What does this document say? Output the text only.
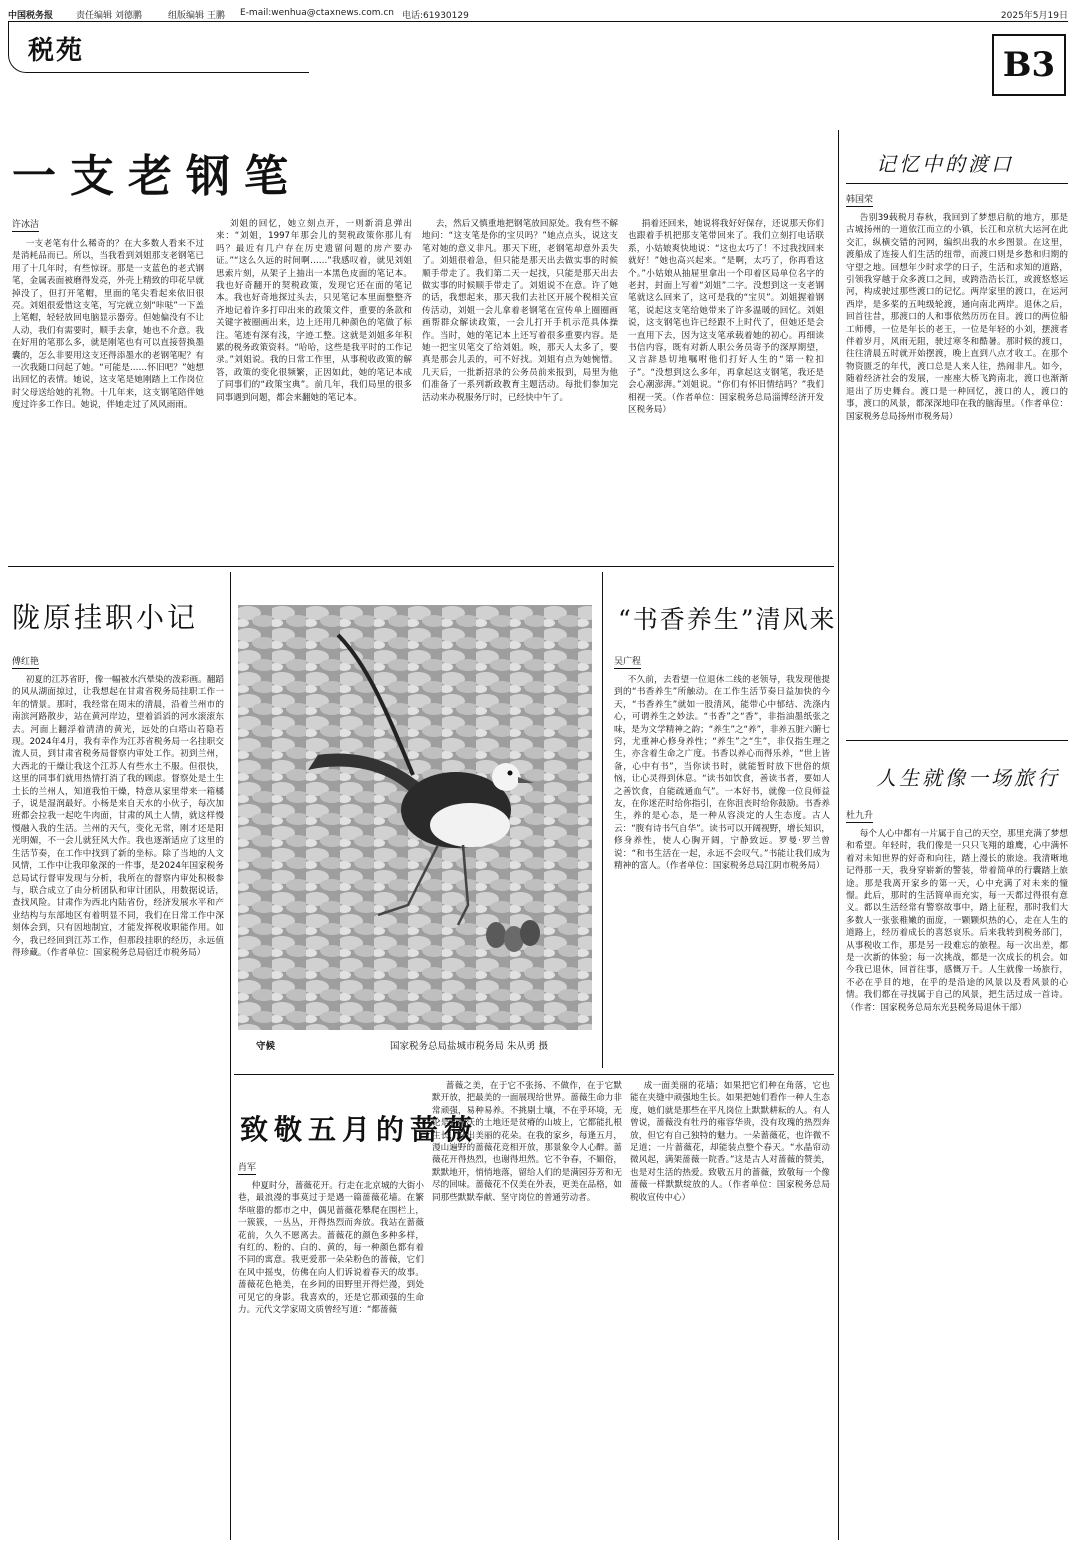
中国税务报	责任编辑 刘德鹏	组版编辑 王鹏 E-mail:wenhua@ctaxnews.com.cn 电话:61930129	2025年5月19日
税苑	B3
一支老钢笔
许冰洁
一支老笔有什么稀奇的？在大多数人看来不过是消耗品而已。所以，当我看到刘姐那支老钢笔已用了十几年时，有些惊讶。那是一支蓝色的老式钢笔，金属表面被磨得发亮，外壳上精致的印花早就掉没了，但打开笔帽，里面的笔尖看起来依旧很亮。刘姐很爱惜这支笔，写完就立刻“咔哒”一下盖上笔帽，轻轻放回电脑显示器旁。但她偏没有不让人动，我们有需要时，顺手去拿，她也不介意。我在好用的笔那么多，就是刚笔也有可以直接替换墨囊的，怎么非要用这支还得添墨水的老钢笔呢？有一次我随口问起了她。“可能是……怀旧吧？”她想出回忆的表情。她说，这支笔是她刚踏上工作岗位时父母送给她的礼物。十几年来，这支钢笔陪伴她度过许多工作日。她说，伴她走过了风风雨雨。
刘姐的回忆，她立刻点开，一则新消息弹出来：“刘姐，1997年那会儿的契税政策你那儿有吗？最近有几户存在历史遗留问题的房产要办证。”“这么久远的时间啊……”我感叹着，就见刘姐思索片刻，从架子上抽出一本黑色皮面的笔记本。我也好奇翻开的契税政策，发现它还在面的笔记本。我也好奇地探过头去，只见笔记本里面整整齐齐地记着许多打印出来的政策文件，重要的条款和关键字被圈画出来，边上还用几种颜色的笔做了标注。笔迹有深有浅，字迹工整。这就是刘姐多年积累的税务政策资料。“哈哈，这些是我平时的工作记录。”刘姐说。我的日常工作里，从事税收政策的解答，政策的变化很频繁，正因如此，她的笔记本成了同事们的“政策宝典”。前几年，我们局里的很多同事遇到问题，都会来翻她的笔记本。
去，然后又慎重地把钢笔放回原处。我有些不解地问：“这支笔是你的宝贝吗？”她点点头，说这支笔对她的意义非凡。那天下班，老钢笔却意外丢失了。刘姐很着急，但只能是那天出去做实事的时候顺手带走了。我们第二天一起找，只能是那天出去做实事的时候顺手带走了。刘姐说不在意。许了她的话，我想起来，那天我们去社区开展个税相关宣传活动，刘姐一会儿拿着老钢笔在宣传单上圈圈画画帮群众解读政策，一会儿打开手机示范具体操作。当时，她的笔记本上还写着很多重要内容。是她一把宝贝笔交了给刘姐。唉，那天人太多了，要真是那会儿丢的，可不好找。刘姐有点为她惋惜。几天后，一批新招录的公务员前来报到，局里为他们准备了一系列新政教育主题活动。每批们参加完活动来办税服务厅时，已经快中午了。
捐着还回来，她说将我好好保存，还说那天你们也跟着手机把那支笔带回来了。我们立刻打电话联系，小姑娘爽快地说：“这也太巧了！不过我找回来就好！”她也高兴起来。“是啊，太巧了，你再看这个。”小姑娘从抽屉里拿出一个印着区局单位名字的老封，封面上写着“刘姐”二字。没想到这一支老钢笔就这么回来了，这可是我的“宝贝”。刘姐握着钢笔，说起这支笔给她带来了许多温暖的回忆。刘姐说，这支钢笔也许已经跟不上时代了，但她还是会一直用下去，因为这支笔承载着她的初心。再细读书信内容，既有对新人职公务员寄予的深厚期望，又言辞恳切地嘱咐他们打好人生的“第一粒扣子”。“没想到这么多年，再拿起这支钢笔，我还是会心潮澎湃。”刘姐说。“你们有怀旧情结吗？”我们相视一笑。（作者单位：国家税务总局淄博经济开发区税务局）
记忆中的渡口
韩国荣
告别39载税月春秋，我回到了梦想启航的地方，那是古城扬州的一道依江而立的小镇，长江和京杭大运河在此交汇，纵横交错的河网，编织出我的水乡图景。在这里，渡船成了连接人们生活的纽带，而渡口则是乡愁和归期的守望之地。回想年少时求学的日子，生活和求知的道路，引领我穿越于众多渡口之间，或跨浩浩长江，或渡悠悠运河，构成驶过那些渡口的记忆。两岸家里的渡口，在运河西岸，是多桨的五吨级轮渡，通向南北两岸。退休之后，回首往昔，那渡口的人和事依然历历在目。渡口的两位船工师傅，一位是年长的老王，一位是年轻的小刘，摆渡者伴着岁月，风雨无阻，驶过寒冬和酷暑。那时候的渡口，往往清晨五时就开始摆渡，晚上直到八点才收工。在那个物资匮乏的年代，渡口总是人来人往，热闹非凡。如今，随着经济社会的发展，一座座大桥飞跨南北，渡口也渐渐退出了历史舞台。渡口是一种回忆，渡口的人，渡口的事，渡口的风景，都深深地印在我的脑海里。（作者单位：国家税务总局扬州市税务局）
人生就像一场旅行
杜九升
每个人心中都有一片属于自己的天空，那里充满了梦想和希望。年轻时，我们像是一只只飞翔的雄鹰，心中满怀着对未知世界的好奇和向往，踏上漫长的旅途。我清晰地记得那一天，我身穿崭新的警装，带着简单的行囊踏上旅途。那是我离开家乡的第一天，心中充满了对未来的憧憬。此后，那时的生活简单而充实，每一天都过得很有意义。都以生活经常有警察故事中，踏上征程，那时我们大多数人一张张稚嫩的面庞，一颗颗炽热的心，走在人生的道路上，经历着成长的喜怒哀乐。后来我转到税务部门，从事税收工作，那是另一段难忘的旅程。每一次出差，都是一次新的体验；每一次挑战，都是一次成长的机会。如今我已退休，回首往事，感慨万千。人生就像一场旅行，不必在乎目的地，在乎的是沿途的风景以及看风景的心情。我们都在寻找属于自己的风景，把生活过成一首诗。（作者：国家税务总局东光县税务局退休干部）
陇原挂职小记
傅红艳
初夏的江苏省盱，像一幅被水汽晕染的泼彩画。翻蹈的风从湖面掠过，让我想起在甘肃省税务局挂职工作一年的情景。那时，我经常在周末的清晨，沿着兰州市的南滨河路散步，站在黄河岸边，望着滔滔的河水滚滚东去。河面上翻浮着清清的黄光，远处的白塔山若隐若现。2024年4月，我有幸作为江苏省税务局一名挂职交流人员，到甘肃省税务局督察内审处工作。初到兰州，大西北的干燥让我这个江苏人有些水土不服。但很快，这里的同事们就用热情打消了我的顾虑。督察处是土生土长的兰州人，知道我怕干燥，特意从家里带来一箱橘子，说是湿润最好。小杨是来自天水的小伙子，每次加班都会拉我一起吃牛肉面，甘肃的风土人情，就这样慢慢融入我的生活。兰州的天气，变化无常，刚才还是阳光明媚，不一会儿就狂风大作。我也逐渐适应了这里的生活节奏，在工作中找到了新的坐标。除了当地的人文风情，工作中让我印象深的一件事，是2024年国家税务总局试行督审发现与分析，我所在的督察内审处积极参与，联合成立了由分析团队和审计团队，用数据说话，查找风险。甘肃作为西北内陆省份，经济发展水平和产业结构与东部地区有着明显不同，我们在日常工作中深刻体会到，只有因地制宜，才能发挥税收职能作用。如今，我已经回到江苏工作，但那段挂职的经历，永远值得珍藏。（作者单位：国家税务总局宿迁市税务局）
守候	国家税务总局盐城市税务局 朱从勇 摄
“书香养生”清风来
吴广程
不久前，去看望一位退休二线的老领导，我发现他提到的“书香养生”所触动。在工作生活节奏日益加快的今天，“书香养生”就如一股清风，能带心中郁结、洗涤内心，可谓养生之妙法。“书香”之“香”，非指油墨纸张之味，是为文学精神之韵；“养生”之“养”，非养五脏六腑七窍，尤重神心修身养性；“养生”之“生”，非仅指生理之生，亦含着生命之广度。书香以养心而得乐养，“世上皆备，心中有书”，当你读书时，就能暂时放下世俗的烦恼，让心灵得到休息。“读书如饮食，善读书者，要如人之善饮食，自能疏通血气”。一本好书，就像一位良师益友，在你迷茫时给你指引，在你沮丧时给你鼓励。书香养生，养的是心态，是一种从容淡定的人生态度。古人云：“腹有诗书气自华”。读书可以开阔视野，增长知识，修身养性，使人心胸开阔，宁静致远。罗曼·罗兰曾说：“和书生活在一起，永远不会叹气。”书能让我们成为精神的富人。（作者单位：国家税务总局江阴市税务局）
致敬五月的蔷薇
肖军
仲夏时分，蔷薇花开。行走在北京城的大街小巷，最浪漫的事莫过于是遇一篇蔷薇花墙。在繁华喧嚣的都市之中，偶见蔷薇花攀爬在围栏上，一簇簇，一丛丛，开得热烈而奔放。我站在蔷薇花前，久久不愿离去。蔷薇花的颜色多种多样，有红的、粉的、白的、黄的，每一种颜色都有着不同的寓意。我更爱那一朵朵粉色的蔷薇，它们在风中摇曳，仿佛在向人们诉说着春天的故事。蔷薇花色艳美，在乡间的田野里开得烂漫，到处可见它的身影。我喜欢的，还是它那顽强的生命力。元代文学家周文质曾经写道：“都蔷薇
蔷薇之美，在于它不张扬、不做作，在于它默默开放，把最美的一面展现给世界。蔷薇生命力非常顽强，易种易养。不挑剔土壤，不在乎环境，无论是在肥沃的土地还是贫瘠的山坡上，它都能扎根生长，开出美丽的花朵。在我的家乡，每逢五月，漫山遍野的蔷薇花竞相开放，那景象令人心醉。蔷薇花开得热烈，也谢得坦然。它不争春，不媚俗，默默地开，悄悄地落，留给人们的是满园芬芳和无尽的回味。蔷薇花不仅美在外表，更美在品格，如同那些默默奉献、坚守岗位的普通劳动者。
成一面美丽的花墙；如果把它们种在角落，它也能在夹缝中顽强地生长。如果把她们看作一种人生态度，她们就是那些在平凡岗位上默默耕耘的人。有人曾说，蔷薇没有牡丹的雍容华贵，没有玫瑰的热烈奔放，但它有自己独特的魅力。一朵蔷薇花，也许微不足道；一片蔷薇花，却能装点整个春天。“水晶帘动微风起，满架蔷薇一院香。”这是古人对蔷薇的赞美，也是对生活的热爱。致敬五月的蔷薇，致敬每一个像蔷薇一样默默绽放的人。（作者单位：国家税务总局税收宣传中心）
